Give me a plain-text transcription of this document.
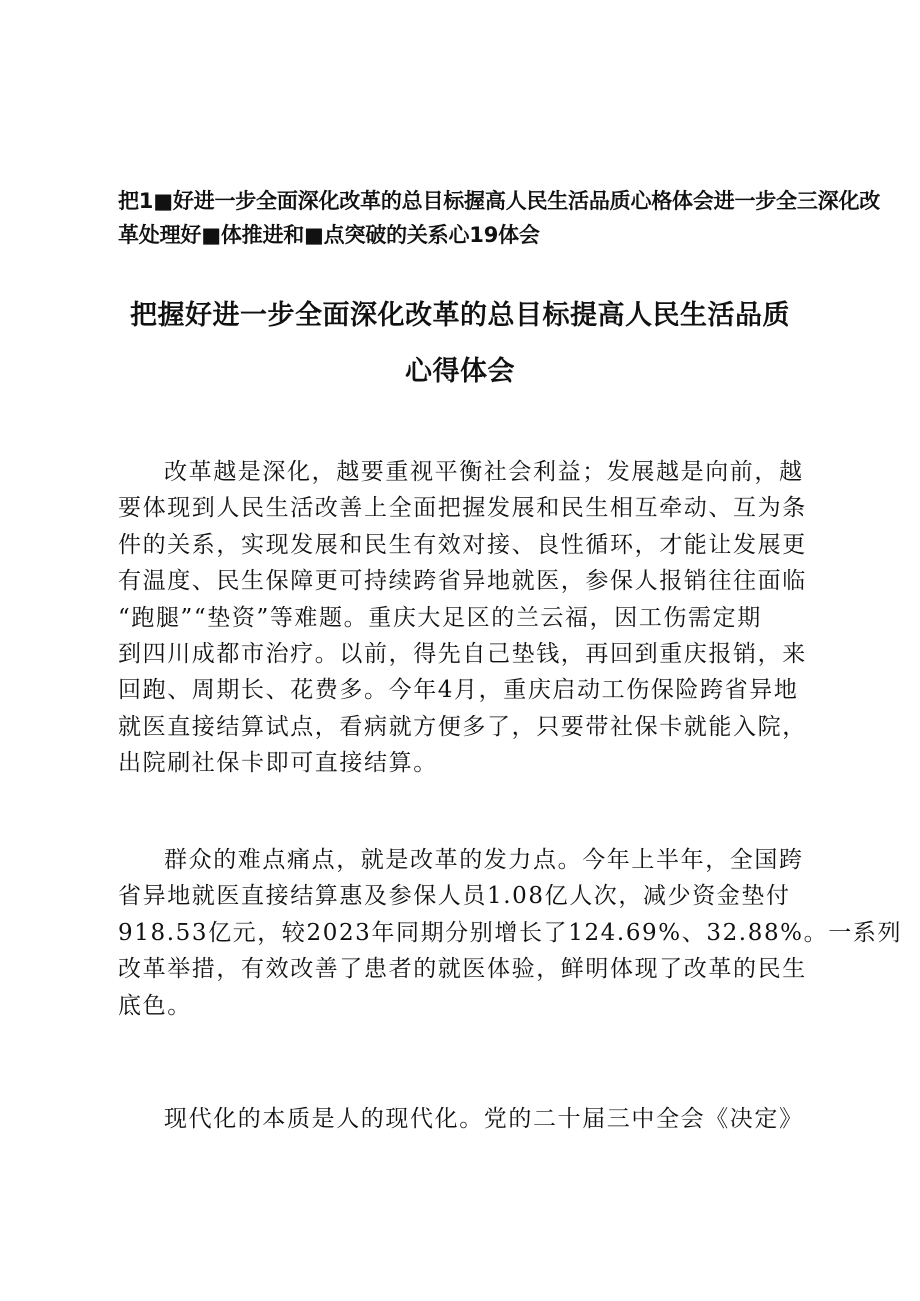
把1■好进一步全面深化改革的总目标握高人民生活品质心格体会进一步全三深化改

革处理好■体推进和■点突破的关系心19体会

把握好进一步全面深化改革的总目标提高人民生活品质

心得体会

改革越是深化，越要重视平衡社会利益；发展越是向前，越
要体现到人民生活改善上全面把握发展和民生相互牵动、互为条
件的关系，实现发展和民生有效对接、良性循环，才能让发展更
有温度、民生保障更可持续跨省异地就医，参保人报销往往面临
“跑腿”“垫资”等难题。重庆大足区的兰云福，因工伤需定期
到四川成都市治疗。以前，得先自己垫钱，再回到重庆报销，来
回跑、周期长、花费多。今年4月，重庆启动工伤保险跨省异地
就医直接结算试点，看病就方便多了，只要带社保卡就能入院，
出院刷社保卡即可直接结算。
群众的难点痛点，就是改革的发力点。今年上半年，全国跨
省异地就医直接结算惠及参保人员1.08亿人次，减少资金垫付
918.53亿元，较2023年同期分别增长了124.69%、32.88%。一系列
改革举措，有效改善了患者的就医体验，鲜明体现了改革的民生
底色。
现代化的本质是人的现代化。党的二十届三中全会《决定》
